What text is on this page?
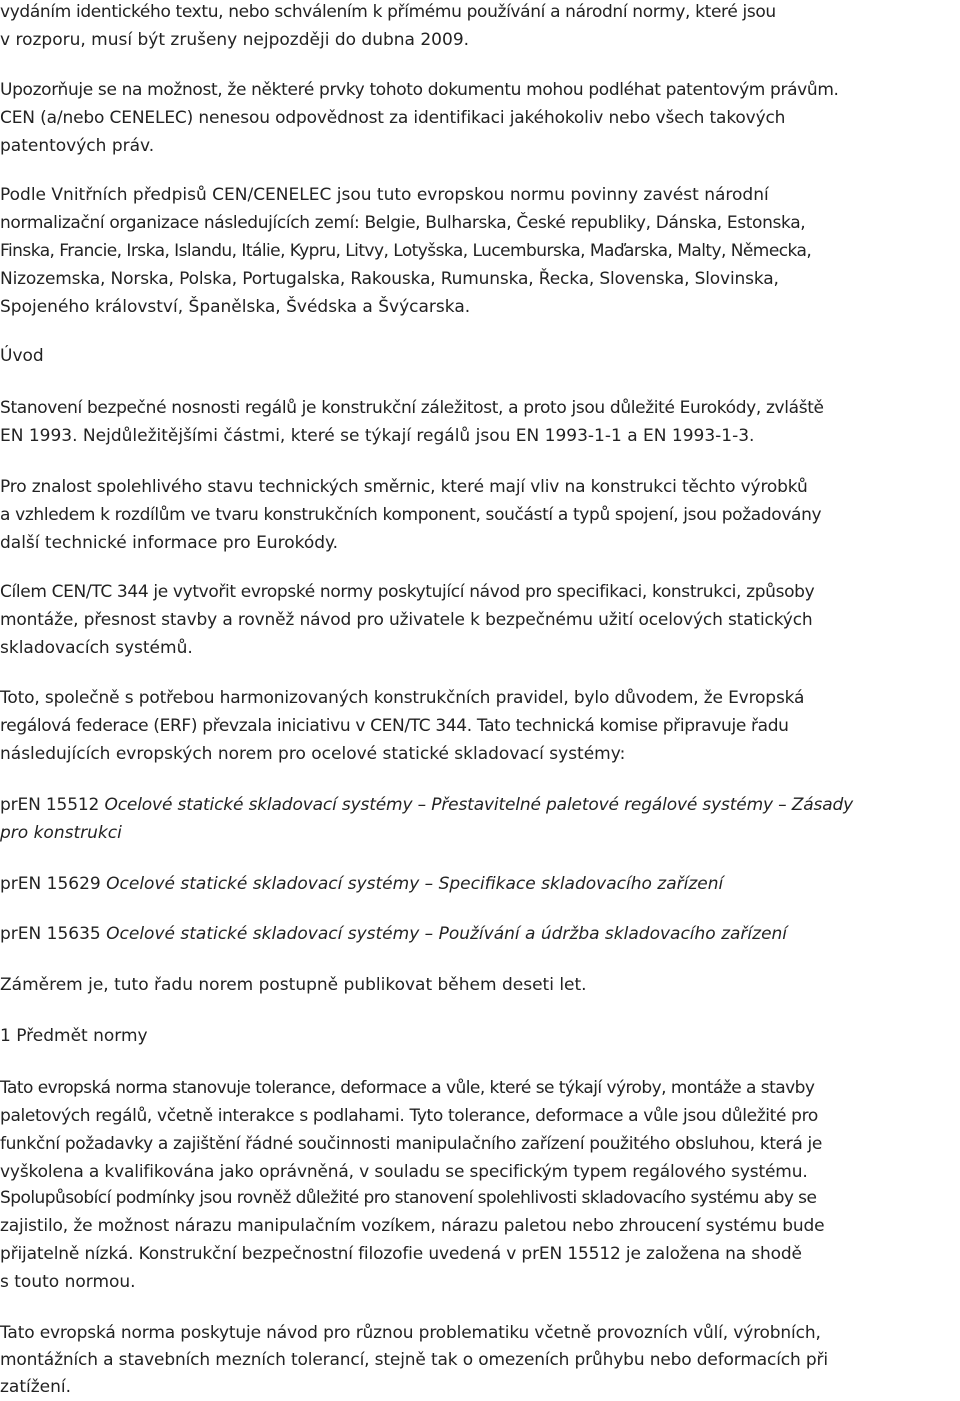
vydáním identického textu, nebo schválením k přímému používání a národní normy, které jsou
v rozporu, musí být zrušeny nejpozději do dubna 2009.
Upozorňuje se na možnost, že některé prvky tohoto dokumentu mohou podléhat patentovým právům.
CEN (a/nebo CENELEC) nenesou odpovědnost za identifikaci jakéhokoliv nebo všech takových
patentových práv.
Podle Vnitřních předpisů CEN/CENELEC jsou tuto evropskou normu povinny zavést národní
normalizační organizace následujících zemí: Belgie, Bulharska, České republiky, Dánska, Estonska,
Finska, Francie, Irska, Islandu, Itálie, Kypru, Litvy, Lotyšska, Lucemburska, Maďarska, Malty, Německa,
Nizozemska, Norska, Polska, Portugalska, Rakouska, Rumunska, Řecka, Slovenska, Slovinska,
Spojeného království, Španělska, Švédska a Švýcarska.
Úvod
Stanovení bezpečné nosnosti regálů je konstrukční záležitost, a proto jsou důležité Eurokódy, zvláště
EN 1993. Nejdůležitějšími částmi, které se týkají regálů jsou EN 1993-1-1 a EN 1993-1-3.
Pro znalost spolehlivého stavu technických směrnic, které mají vliv na konstrukci těchto výrobků
a vzhledem k rozdílům ve tvaru konstrukčních komponent, součástí a typů spojení, jsou požadovány
další technické informace pro Eurokódy.
Cílem CEN/TC 344 je vytvořit evropské normy poskytující návod pro specifikaci, konstrukci, způsoby
montáže, přesnost stavby a rovněž návod pro uživatele k bezpečnému užití ocelových statických
skladovacích systémů.
Toto, společně s potřebou harmonizovaných konstrukčních pravidel, bylo důvodem, že Evropská
regálová federace (ERF) převzala iniciativu v CEN/TC 344. Tato technická komise připravuje řadu
následujících evropských norem pro ocelové statické skladovací systémy:
prEN 15512 Ocelové statické skladovací systémy – Přestavitelné paletové regálové systémy – Zásady
pro konstrukci
prEN 15629 Ocelové statické skladovací systémy – Specifikace skladovacího zařízení
prEN 15635 Ocelové statické skladovací systémy – Používání a údržba skladovacího zařízení
Záměrem je, tuto řadu norem postupně publikovat během deseti let.
1 Předmět normy
Tato evropská norma stanovuje tolerance, deformace a vůle, které se týkají výroby, montáže a stavby
paletových regálů, včetně interakce s podlahami. Tyto tolerance, deformace a vůle jsou důležité pro
funkční požadavky a zajištění řádné součinnosti manipulačního zařízení použitého obsluhou, která je
vyškolena a kvalifikována jako oprávněná, v souladu se specifickým typem regálového systému.
Spolupůsobící podmínky jsou rovněž důležité pro stanovení spolehlivosti skladovacího systému aby se
zajistilo, že možnost nárazu manipulačním vozíkem, nárazu paletou nebo zhroucení systému bude
přijatelně nízká. Konstrukční bezpečnostní filozofie uvedená v prEN 15512 je založena na shodě
s touto normou.
Tato evropská norma poskytuje návod pro různou problematiku včetně provozních vůlí, výrobních,
montážních a stavebních mezních tolerancí, stejně tak o omezeních průhybu nebo deformacích při
zatížení.
